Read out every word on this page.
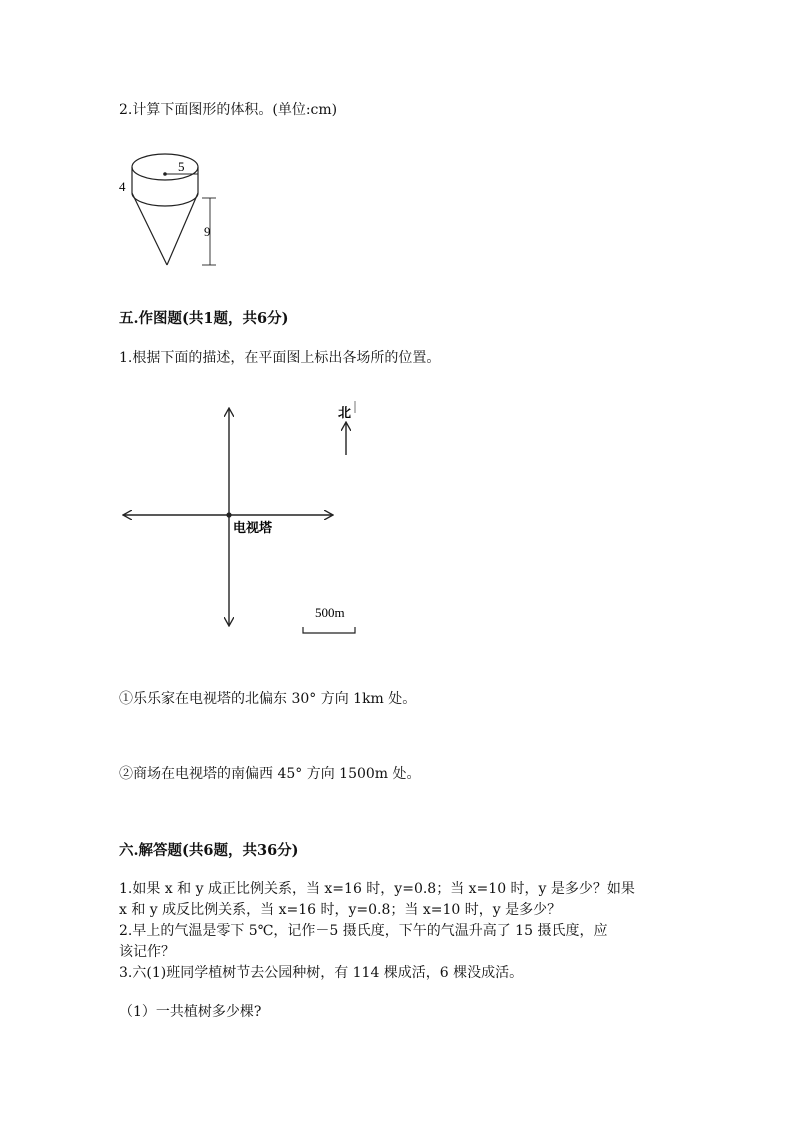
2.计算下面图形的体积。(单位:cm)
5
4
9
五.作图题(共1题，共6分)
1.根据下面的描述，在平面图上标出各场所的位置。
电视塔
北
500m
①乐乐家在电视塔的北偏东 30° 方向 1km 处。
②商场在电视塔的南偏西 45° 方向 1500m 处。
六.解答题(共6题，共36分)
1.如果 x 和 y 成正比例关系，当 x=16 时，y=0.8；当 x=10 时，y 是多少？如果
x 和 y 成反比例关系，当 x=16 时，y=0.8；当 x=10 时，y 是多少？
2.早上的气温是零下 5℃，记作－5 摄氏度，下午的气温升高了 15 摄氏度，应
该记作？
3.六(1)班同学植树节去公园种树，有 114 棵成活，6 棵没成活。
（1）一共植树多少棵?
